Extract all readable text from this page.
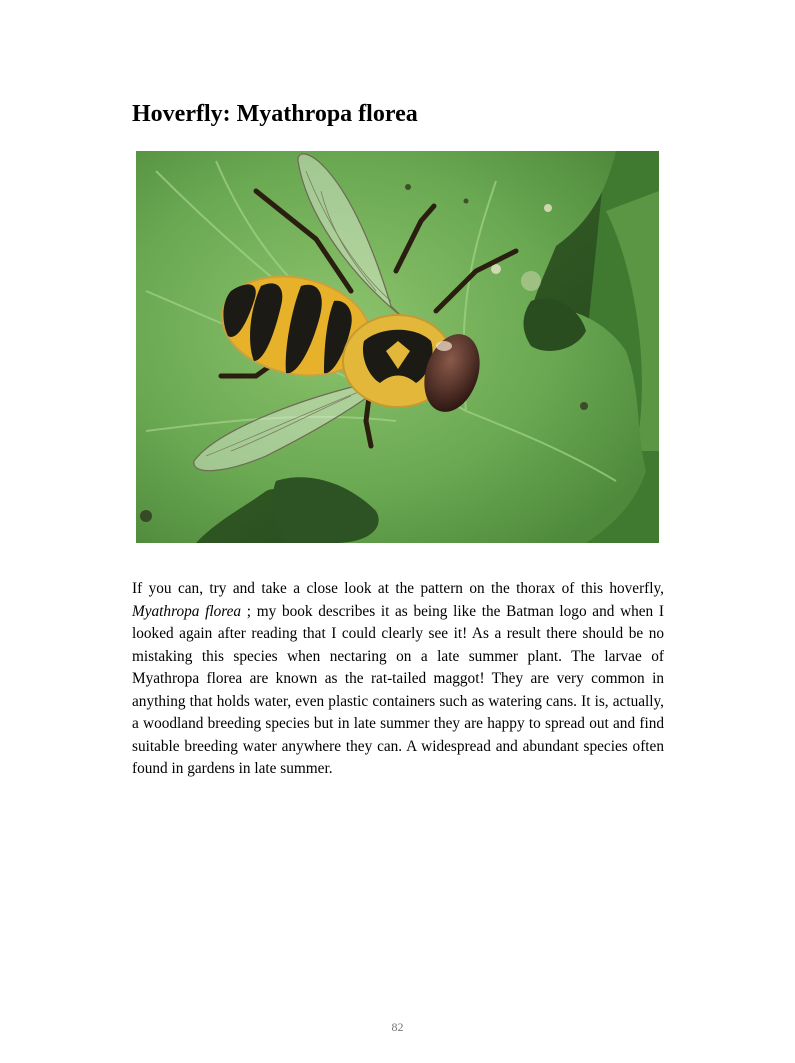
Hoverfly: Myathropa florea

If you can, try and take a close look at the pattern on the thorax of this hoverfly, Myathropa florea ; my book describes it as being like the Batman logo and when I looked again after reading that I could clearly see it! As a result there should be no mistaking this species when nectaring on a late summer plant. The larvae of Myathropa florea are known as the rat-tailed maggot! They are very common in anything that holds water, even plastic containers such as watering cans. It is, actually, a woodland breeding species but in late summer they are happy to spread out and find suitable breeding water anywhere they can. A widespread and abundant species often found in gardens in late summer.

82
